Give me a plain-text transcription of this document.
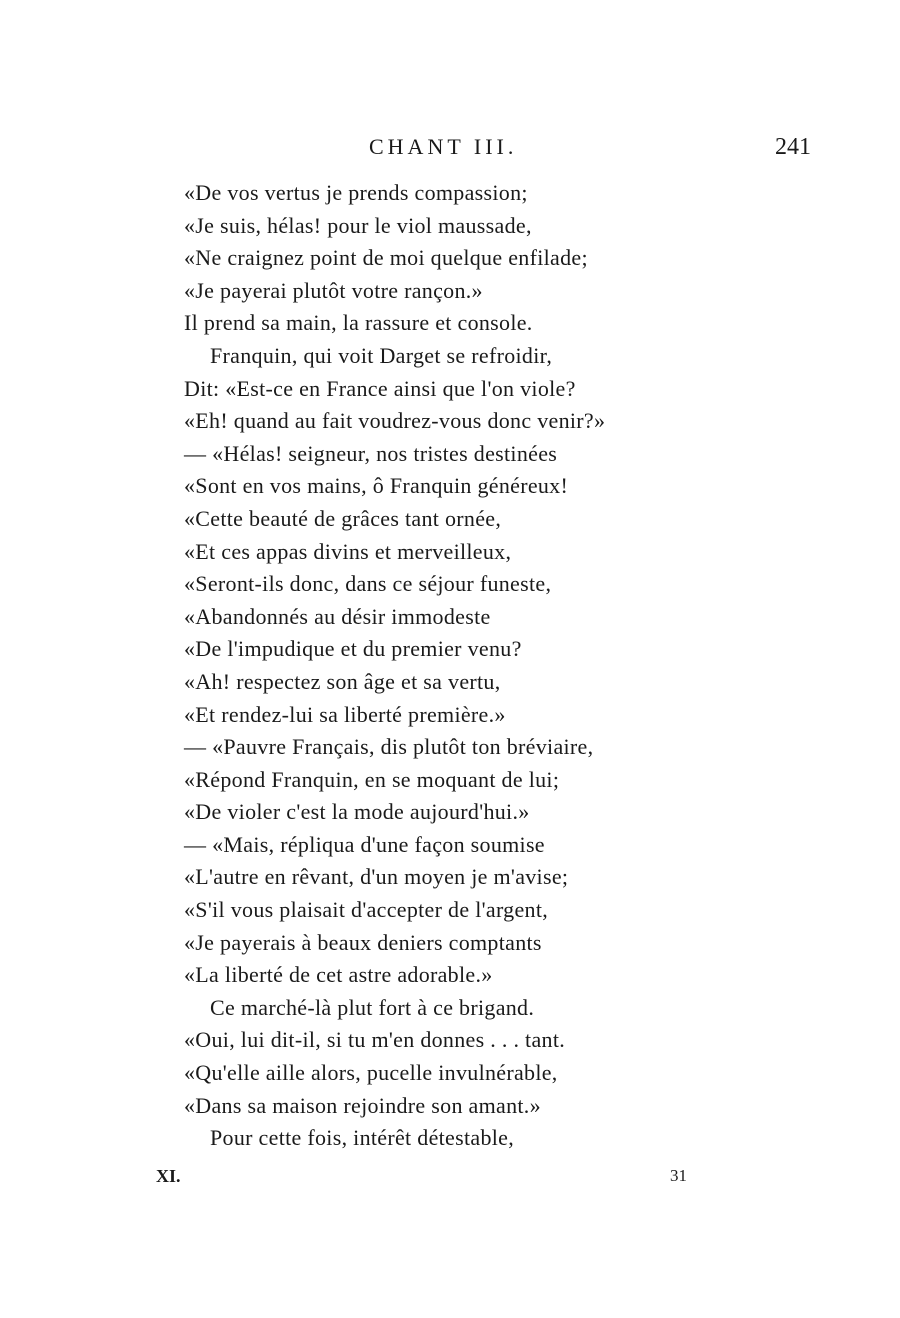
CHANT III.	241
«De vos vertus je prends compassion;
«Je suis, hélas! pour le viol maussade,
«Ne craignez point de moi quelque enfilade;
«Je payerai plutôt votre rançon.»
Il prend sa main, la rassure et console.
Franquin, qui voit Darget se refroidir,
Dit: «Est-ce en France ainsi que l'on viole?
«Eh! quand au fait voudrez-vous donc venir?»
— «Hélas! seigneur, nos tristes destinées
«Sont en vos mains, ô Franquin généreux!
«Cette beauté de grâces tant ornée,
«Et ces appas divins et merveilleux,
«Seront-ils donc, dans ce séjour funeste,
«Abandonnés au désir immodeste
«De l'impudique et du premier venu?
«Ah! respectez son âge et sa vertu,
«Et rendez-lui sa liberté première.»
— «Pauvre Français, dis plutôt ton bréviaire,
«Répond Franquin, en se moquant de lui;
«De violer c'est la mode aujourd'hui.»
— «Mais, répliqua d'une façon soumise
«L'autre en rêvant, d'un moyen je m'avise;
«S'il vous plaisait d'accepter de l'argent,
«Je payerais à beaux deniers comptants
«La liberté de cet astre adorable.»
Ce marché-là plut fort à ce brigand.
«Oui, lui dit-il, si tu m'en donnes . . . tant.
«Qu'elle aille alors, pucelle invulnérable,
«Dans sa maison rejoindre son amant.»
Pour cette fois, intérêt détestable,
XI.	31
